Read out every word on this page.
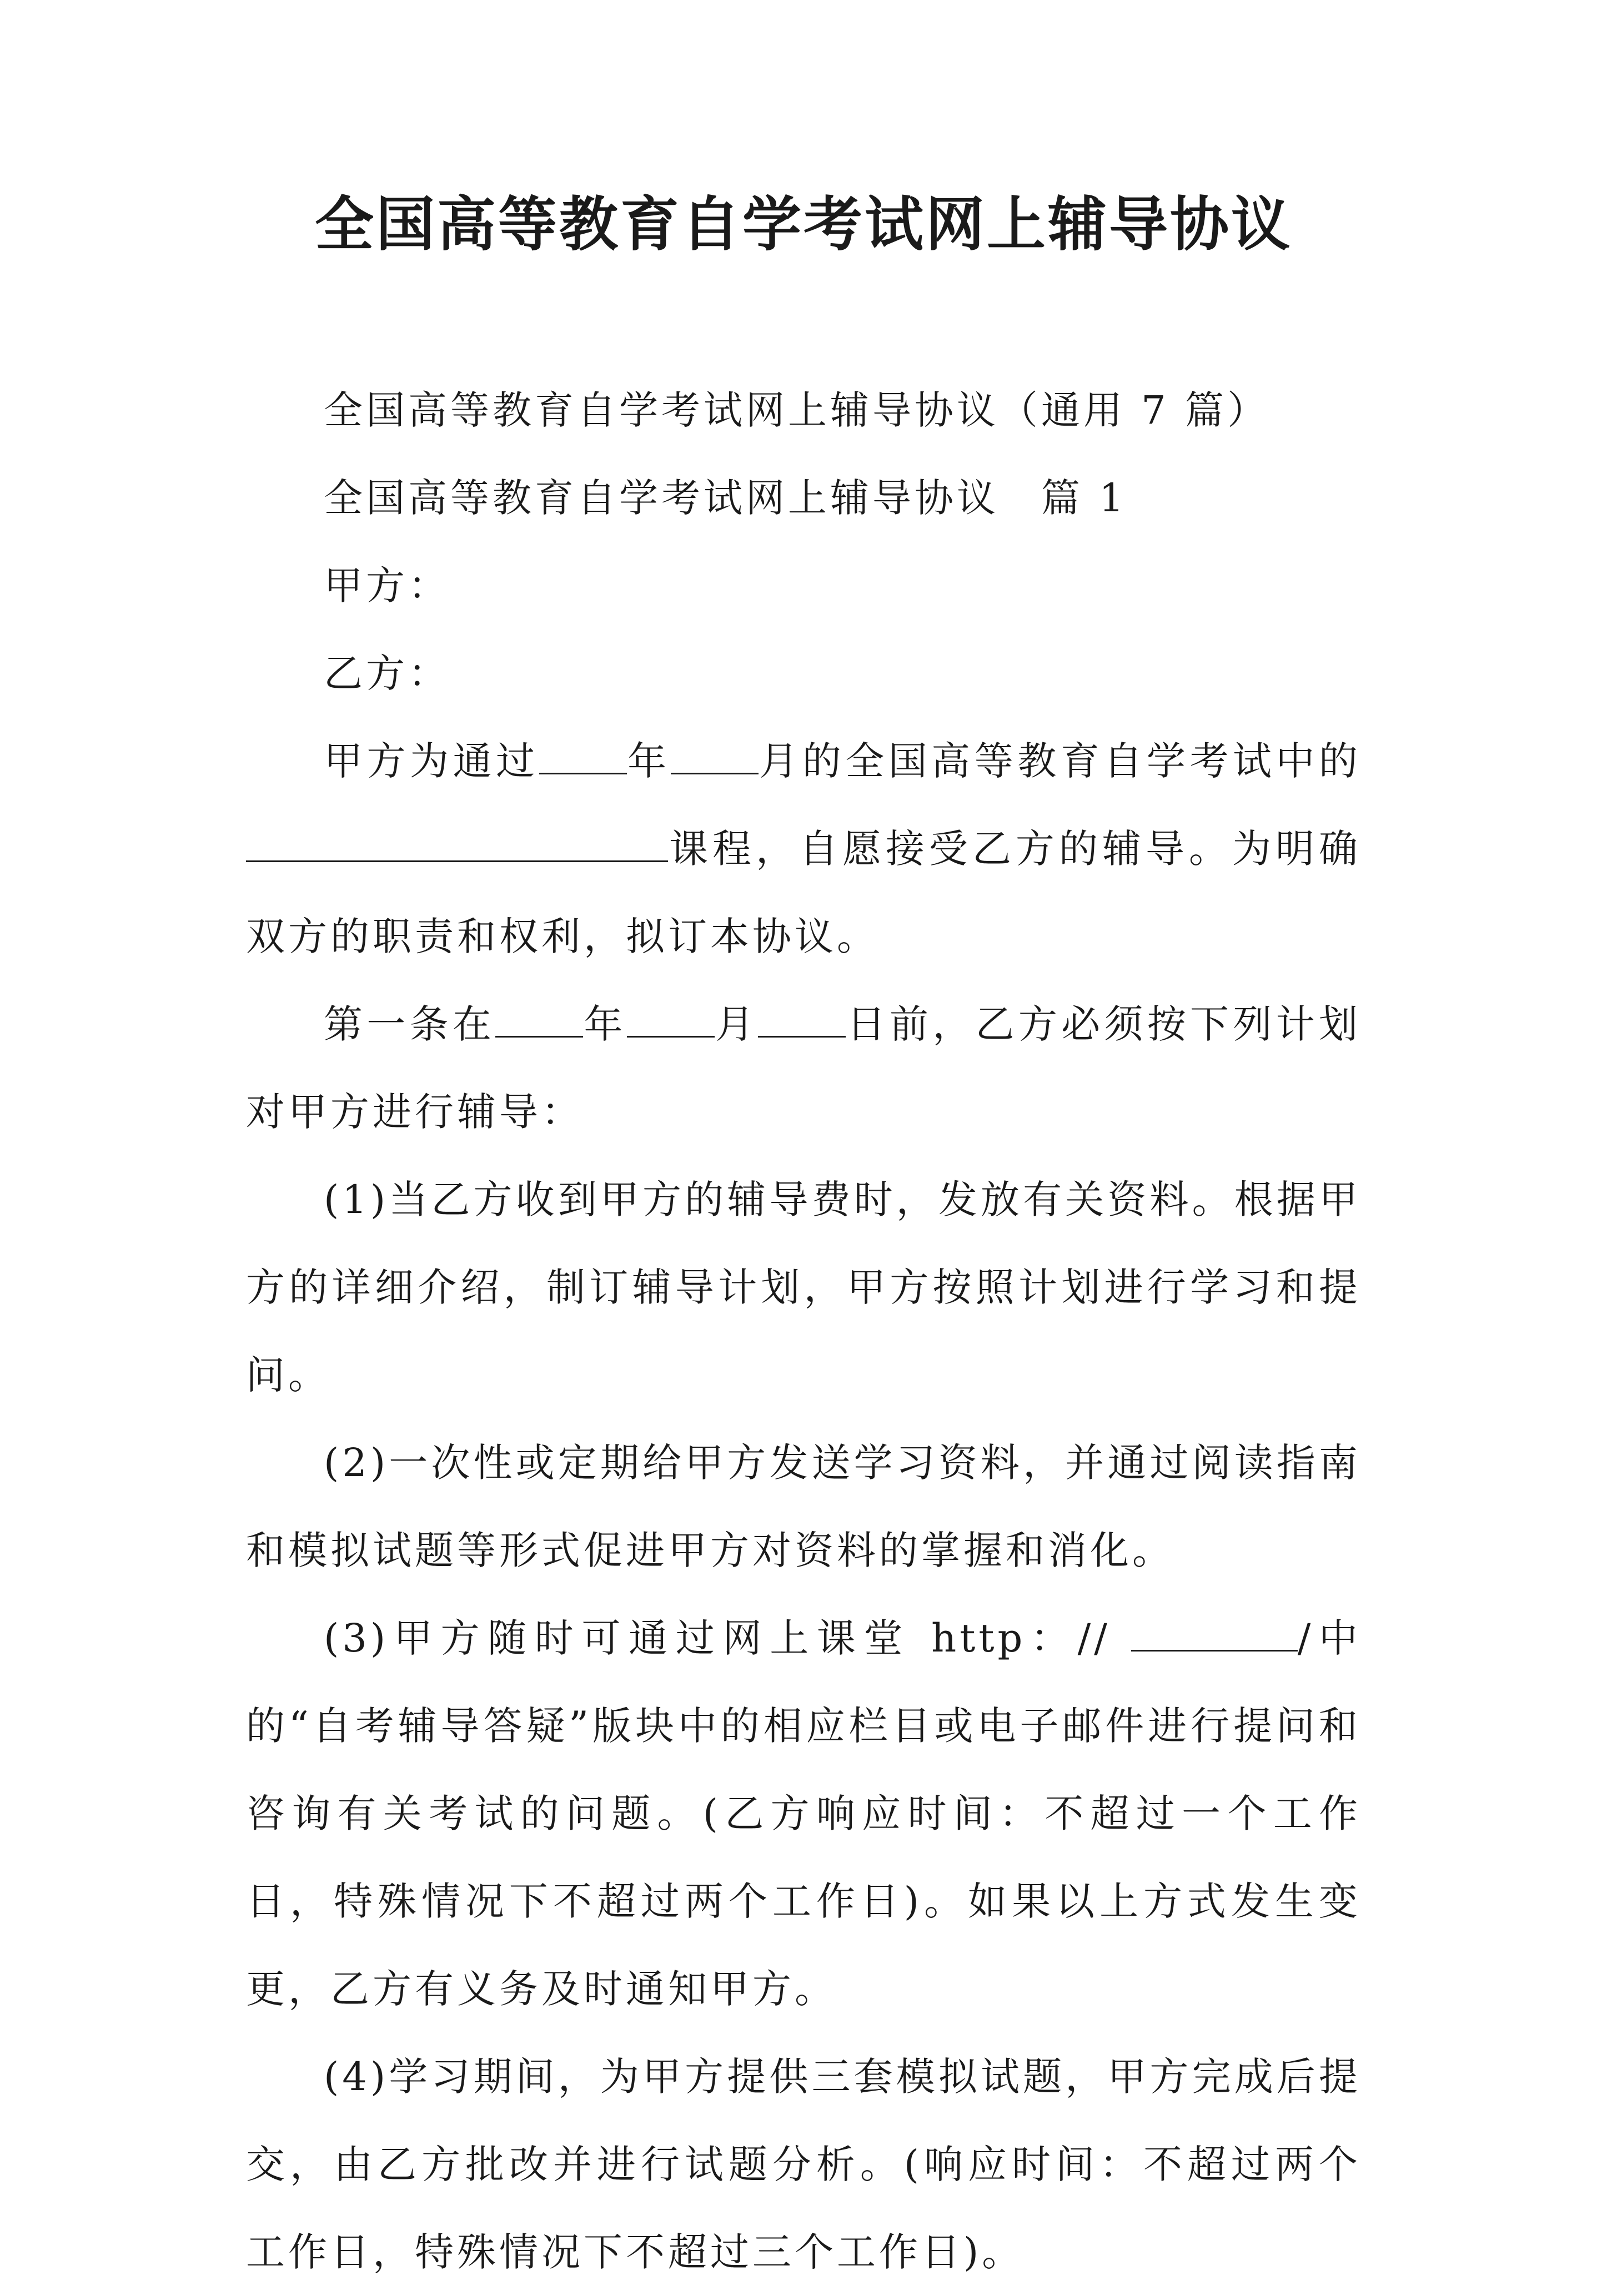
全国高等教育自学考试网上辅导协议

全国高等教育自学考试网上辅导协议（通用 7 篇）

全国高等教育自学考试网上辅导协议　篇 1

甲方：

乙方：

甲方为通过 年 月的全国高等教育自学考试中的课程，自愿接受乙方的辅导。为明确双方的职责和权利，拟订本协议。

第一条在 年 月 日前，乙方必须按下列计划对甲方进行辅导：

(1)当乙方收到甲方的辅导费时，发放有关资料。根据甲方的详细介绍，制订辅导计划，甲方按照计划进行学习和提问。

(2)一次性或定期给甲方发送学习资料，并通过阅读指南和模拟试题等形式促进甲方对资料的掌握和消化。

(3)甲方随时可通过网上课堂 http：//	/中的“自考辅导答疑”版块中的相应栏目或电子邮件进行提问和咨询有关考试的问题。(乙方响应时间：不超过一个工作日，特殊情况下不超过两个工作日)。如果以上方式发生变更，乙方有义务及时通知甲方。

(4)学习期间，为甲方提供三套模拟试题，甲方完成后提交，由乙方批改并进行试题分析。(响应时间：不超过两个工作日，特殊情况下不超过三个工作日)。
